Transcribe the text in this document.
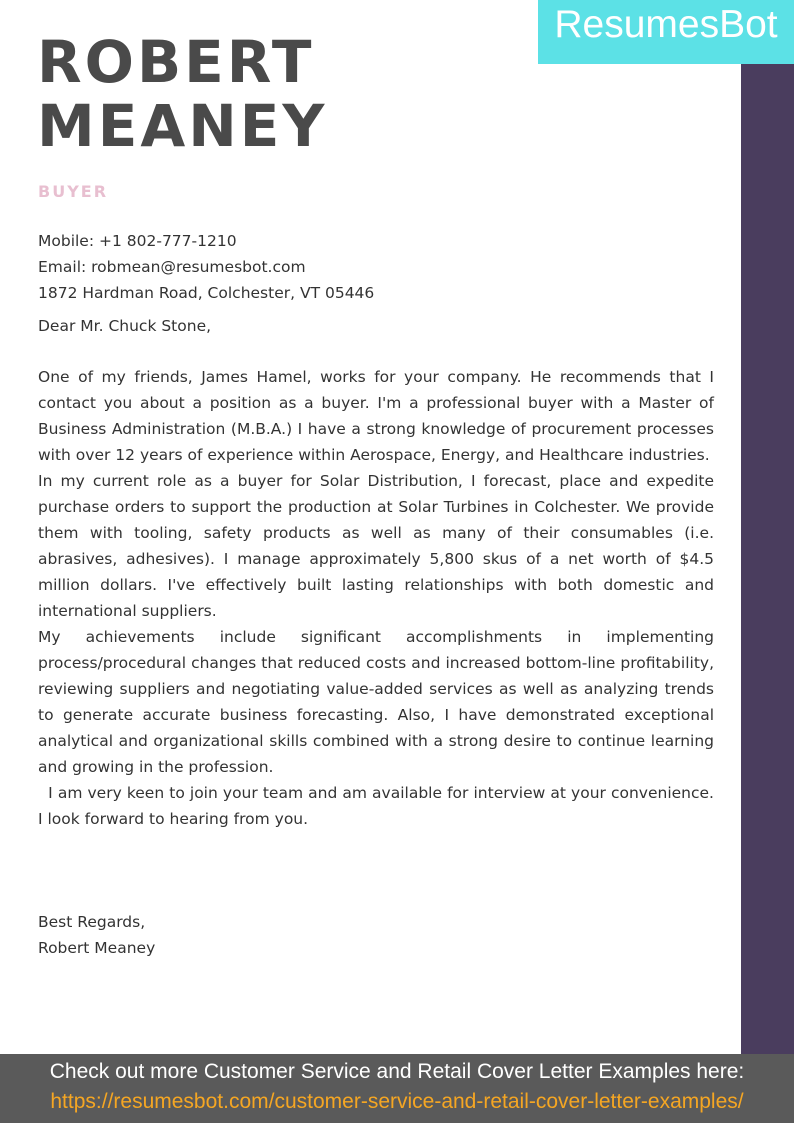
ResumesBot
ROBERT
MEANEY
BUYER
Mobile: +1 802-777-1210
Email: robmean@resumesbot.com
1872 Hardman Road, Colchester, VT 05446
Dear Mr. Chuck Stone,

One of my friends, James Hamel, works for your company. He recommends that I contact you about a position as a buyer. I'm a professional buyer with a Master of Business Administration (M.B.A.) I have a strong knowledge of procurement processes with over 12 years of experience within Aerospace, Energy, and Healthcare industries.

In my current role as a buyer for Solar Distribution, I forecast, place and expedite purchase orders to support the production at Solar Turbines in Colchester. We provide them with tooling, safety products as well as many of their consumables (i.e. abrasives, adhesives). I manage approximately 5,800 skus of a net worth of $4.5 million dollars. I've effectively built lasting relationships with both domestic and international suppliers.

My achievements include significant accomplishments in implementing process/procedural changes that reduced costs and increased bottom-line profitability, reviewing suppliers and negotiating value-added services as well as analyzing trends to generate accurate business forecasting. Also, I have demonstrated exceptional analytical and organizational skills combined with a strong desire to continue learning and growing in the profession.

I am very keen to join your team and am available for interview at your convenience. I look forward to hearing from you.

Best Regards,
Robert Meaney
Check out more Customer Service and Retail Cover Letter Examples here:
https://resumesbot.com/customer-service-and-retail-cover-letter-examples/
